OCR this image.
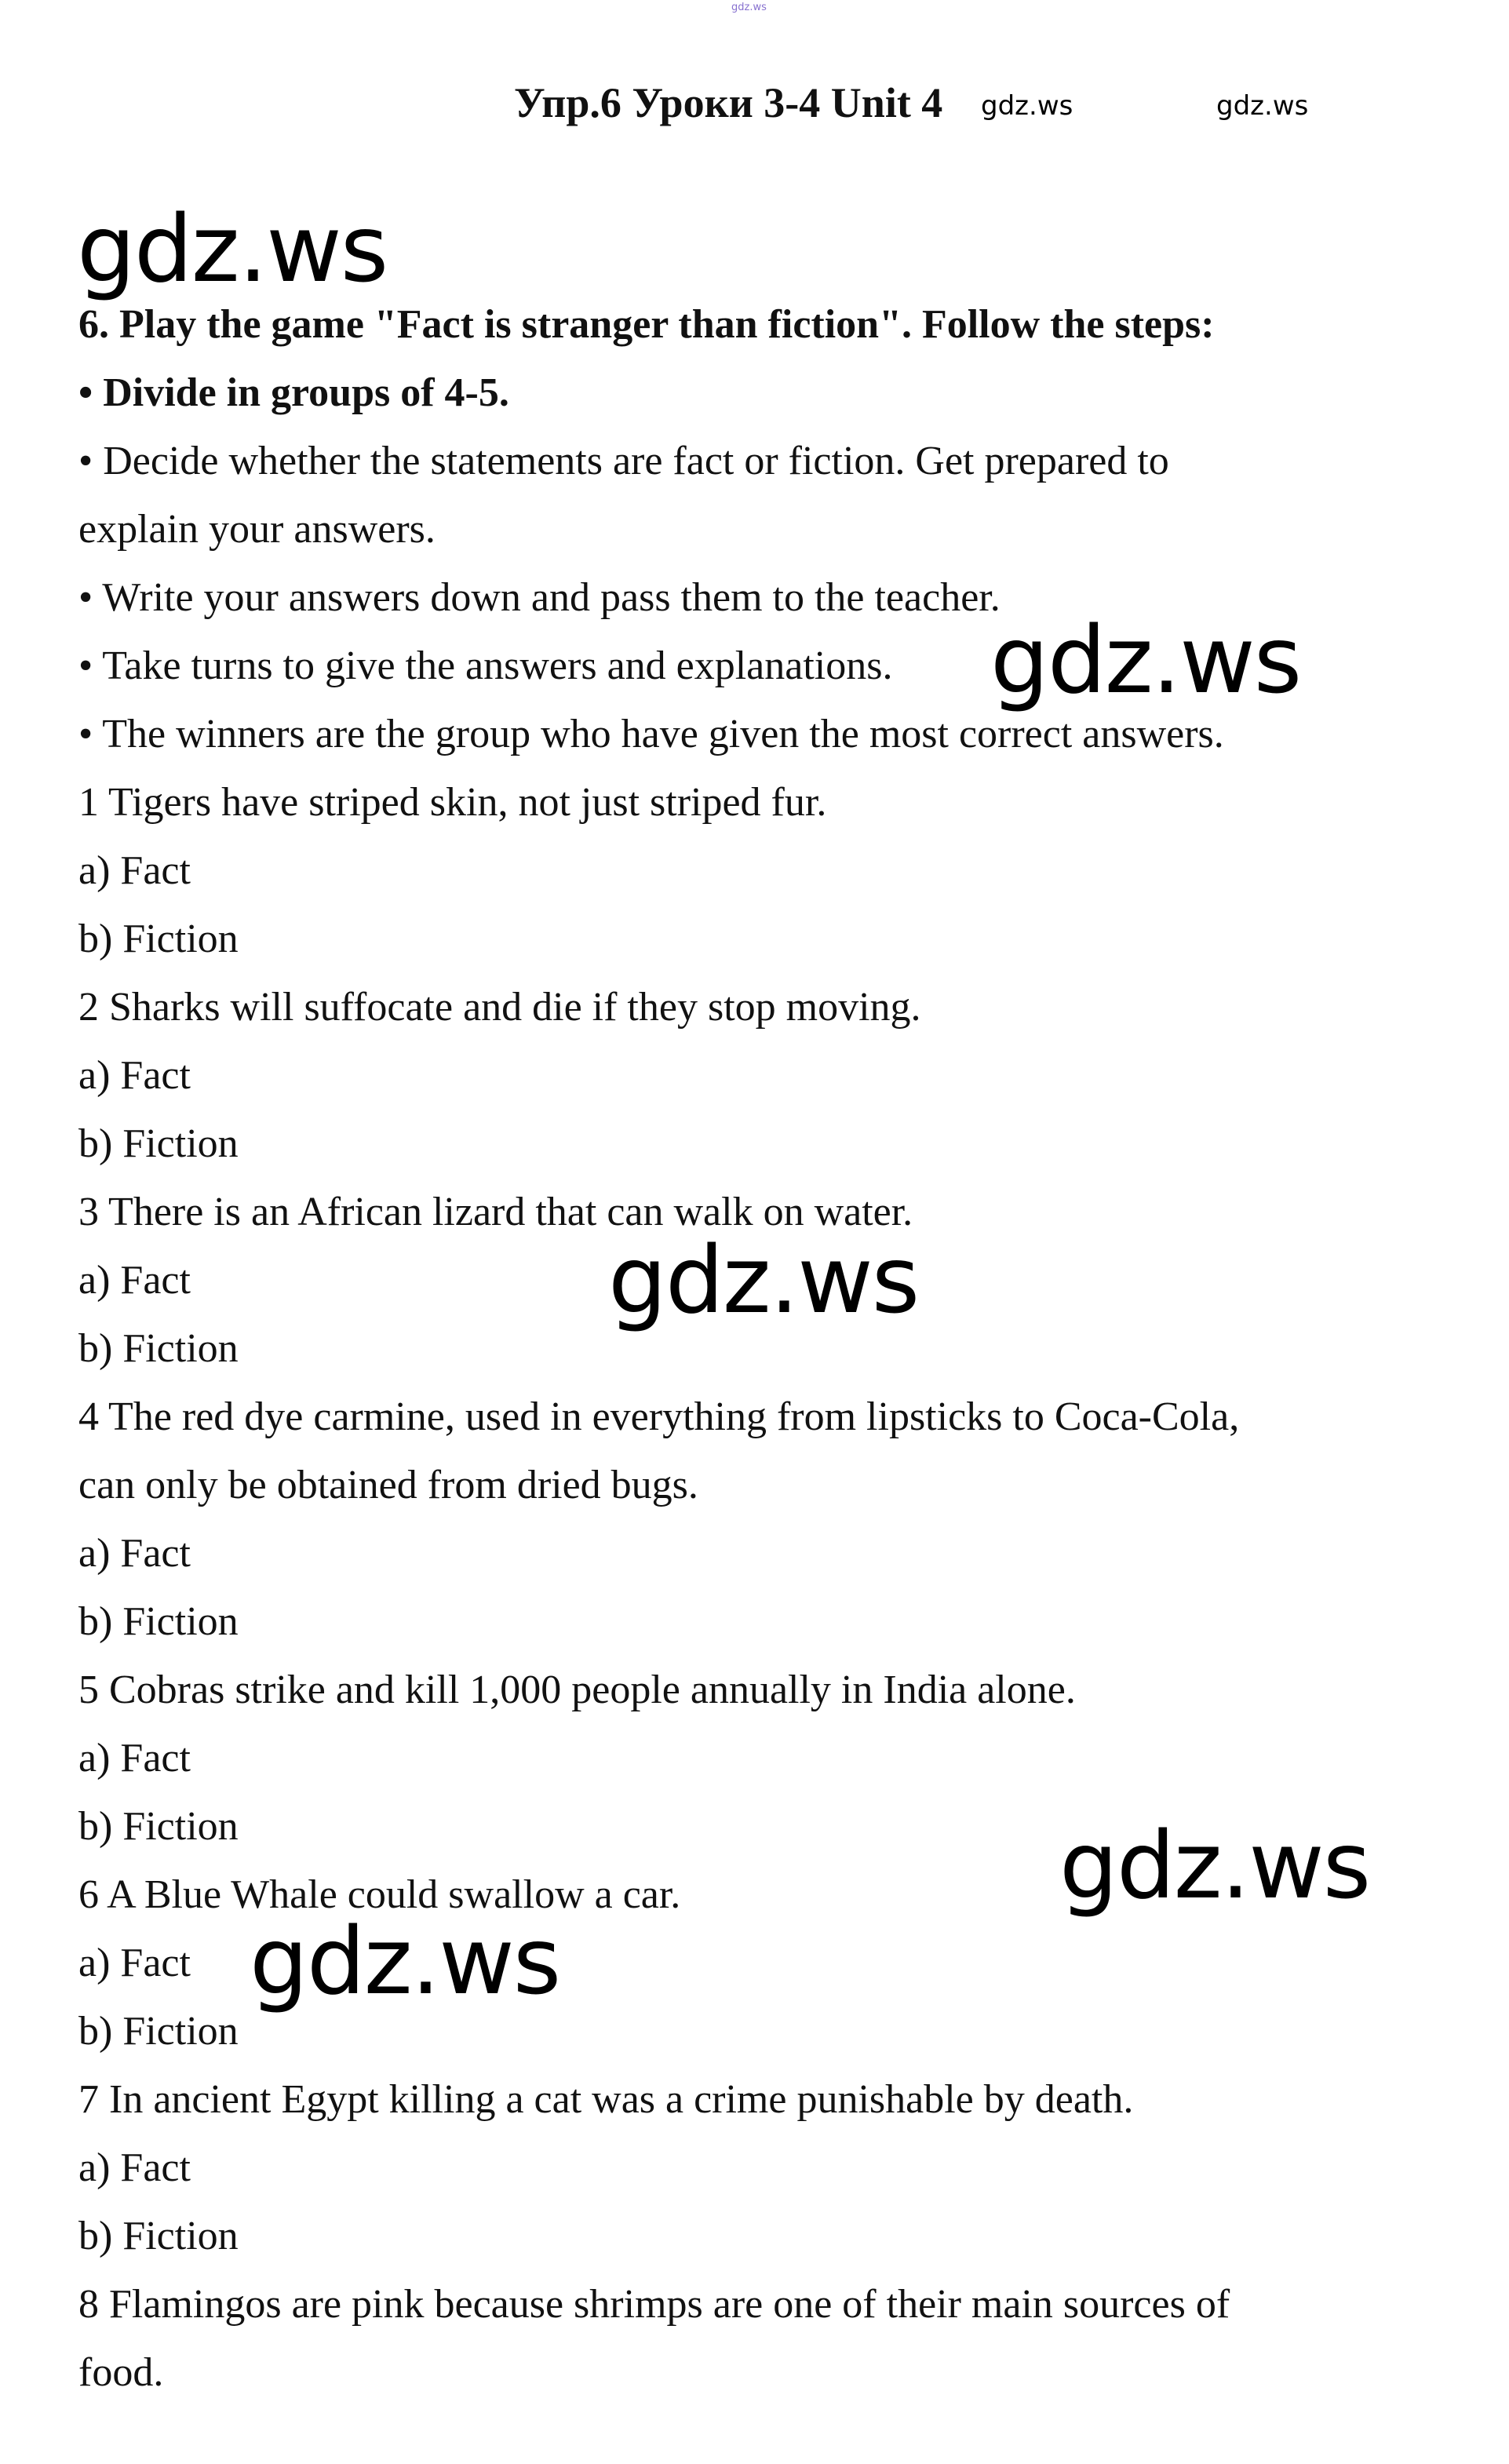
gdz.ws
Упр.6 Уроки 3-4 Unit 4 gdz.ws	gdz.ws
gdz.ws
6. Play the game "Fact is stranger than fiction". Follow the steps:
• Divide in groups of 4-5.
• Decide whether the statements are fact or fiction. Get prepared to
explain your answers.
• Write your answers down and pass them to the teacher.
• Take turns to give the answers and explanations.
• The winners are the group who have given the most correct answers.
1 Tigers have striped skin, not just striped fur.
a) Fact
b) Fiction
2 Sharks will suffocate and die if they stop moving.
a) Fact
b) Fiction
3 There is an African lizard that can walk on water.
a) Fact
b) Fiction
4 The red dye carmine, used in everything from lipsticks to Coca-Cola,
can only be obtained from dried bugs.
a) Fact
b) Fiction
5 Cobras strike and kill 1,000 people annually in India alone.
a) Fact
b) Fiction
6 A Blue Whale could swallow a car.
a) Fact
b) Fiction
7 In ancient Egypt killing a cat was a crime punishable by death.
a) Fact
b) Fiction
8 Flamingos are pink because shrimps are one of their main sources of
food.
gdz.ws
gdz.ws
gdz.ws
gdz.ws
